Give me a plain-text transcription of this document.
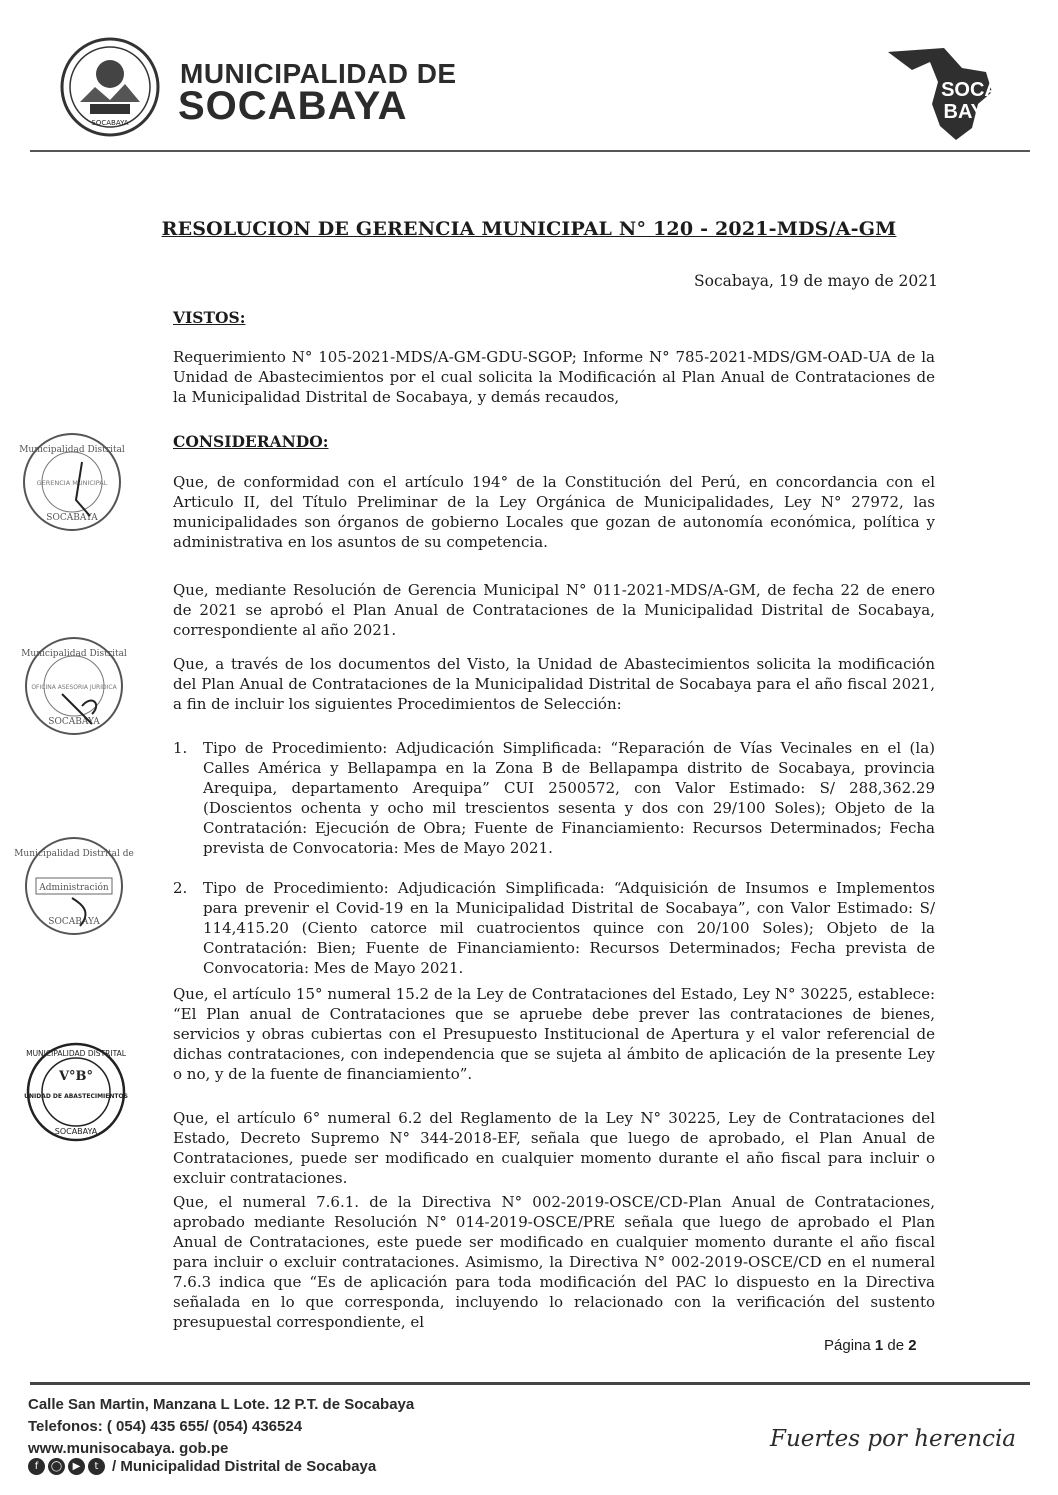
SOCABAYA
MUNICIPALIDAD DE
SOCABAYA	SOCA
BAYA
RESOLUCION DE GERENCIA MUNICIPAL N° 120 - 2021-MDS/A-GM
Socabaya, 19 de mayo de 2021
VISTOS:
Requerimiento N° 105-2021-MDS/A-GM-GDU-SGOP; Informe N° 785-2021-MDS/GM-OAD-UA de la Unidad de Abastecimientos por el cual solicita la Modificación al Plan Anual de Contrataciones de la Municipalidad Distrital de Socabaya, y demás recaudos,
CONSIDERANDO:
Que, de conformidad con el artículo 194° de la Constitución del Perú, en concordancia con el Articulo II, del Título Preliminar de la Ley Orgánica de Municipalidades, Ley N° 27972, las municipalidades son órganos de gobierno Locales que gozan de autonomía económica, política y administrativa en los asuntos de su competencia.
Que, mediante Resolución de Gerencia Municipal N° 011-2021-MDS/A-GM, de fecha 22 de enero de 2021 se aprobó el Plan Anual de Contrataciones de la Municipalidad Distrital de Socabaya, correspondiente al año 2021.
Que, a través de los documentos del Visto, la Unidad de Abastecimientos solicita la modificación del Plan Anual de Contrataciones de la Municipalidad Distrital de Socabaya para el año fiscal 2021, a fin de incluir los siguientes Procedimientos de Selección:
1. Tipo de Procedimiento: Adjudicación Simplificada: “Reparación de Vías Vecinales en el (la) Calles América y Bellapampa en la Zona B de Bellapampa distrito de Socabaya, provincia Arequipa, departamento Arequipa” CUI 2500572, con Valor Estimado: S/ 288,362.29 (Doscientos ochenta y ocho mil trescientos sesenta y dos con 29/100 Soles); Objeto de la Contratación: Ejecución de Obra; Fuente de Financiamiento: Recursos Determinados; Fecha prevista de Convocatoria: Mes de Mayo 2021.
2. Tipo de Procedimiento: Adjudicación Simplificada: “Adquisición de Insumos e Implementos para prevenir el Covid-19 en la Municipalidad Distrital de Socabaya”, con Valor Estimado: S/ 114,415.20 (Ciento catorce mil cuatrocientos quince con 20/100 Soles); Objeto de la Contratación: Bien; Fuente de Financiamiento: Recursos Determinados; Fecha prevista de Convocatoria: Mes de Mayo 2021.
Que, el artículo 15° numeral 15.2 de la Ley de Contrataciones del Estado, Ley N° 30225, establece: “El Plan anual de Contrataciones que se apruebe debe prever las contrataciones de bienes, servicios y obras cubiertas con el Presupuesto Institucional de Apertura y el valor referencial de dichas contrataciones, con independencia que se sujeta al ámbito de aplicación de la presente Ley o no, y de la fuente de financiamiento”.
Que, el artículo 6° numeral 6.2 del Reglamento de la Ley N° 30225, Ley de Contrataciones del Estado, Decreto Supremo N° 344-2018-EF, señala que luego de aprobado, el Plan Anual de Contrataciones, puede ser modificado en cualquier momento durante el año fiscal para incluir o excluir contrataciones.
Que, el numeral 7.6.1. de la Directiva N° 002-2019-OSCE/CD-Plan Anual de Contrataciones, aprobado mediante Resolución N° 014-2019-OSCE/PRE señala que luego de aprobado el Plan Anual de Contrataciones, este puede ser modificado en cualquier momento durante el año fiscal para incluir o excluir contrataciones. Asimismo, la Directiva N° 002-2019-OSCE/CD en el numeral 7.6.3 indica que “Es de aplicación para toda modificación del PAC lo dispuesto en la Directiva señalada en lo que corresponda, incluyendo lo relacionado con la verificación del sustento presupuestal correspondiente, el
Municipalidad Distrital
GERENCIA MUNICIPAL
SOCABAYA
Municipalidad Distrital
OFICINA ASESORIA JURIDICA
SOCABAYA
Municipalidad Distrital de
Administración
SOCABAYA
MUNICIPALIDAD DISTRITAL
V°B°
UNIDAD DE ABASTECIMIENTOS
SOCABAYA
Página 1 de 2
Calle San Martin, Manzana L Lote. 12 P.T. de Socabaya
Telefonos: ( 054) 435 655/ (054) 436524
www.munisocabaya. gob.pe
f	◯	▶	t / Municipalidad Distrital de Socabaya
Fuertes por herencia
